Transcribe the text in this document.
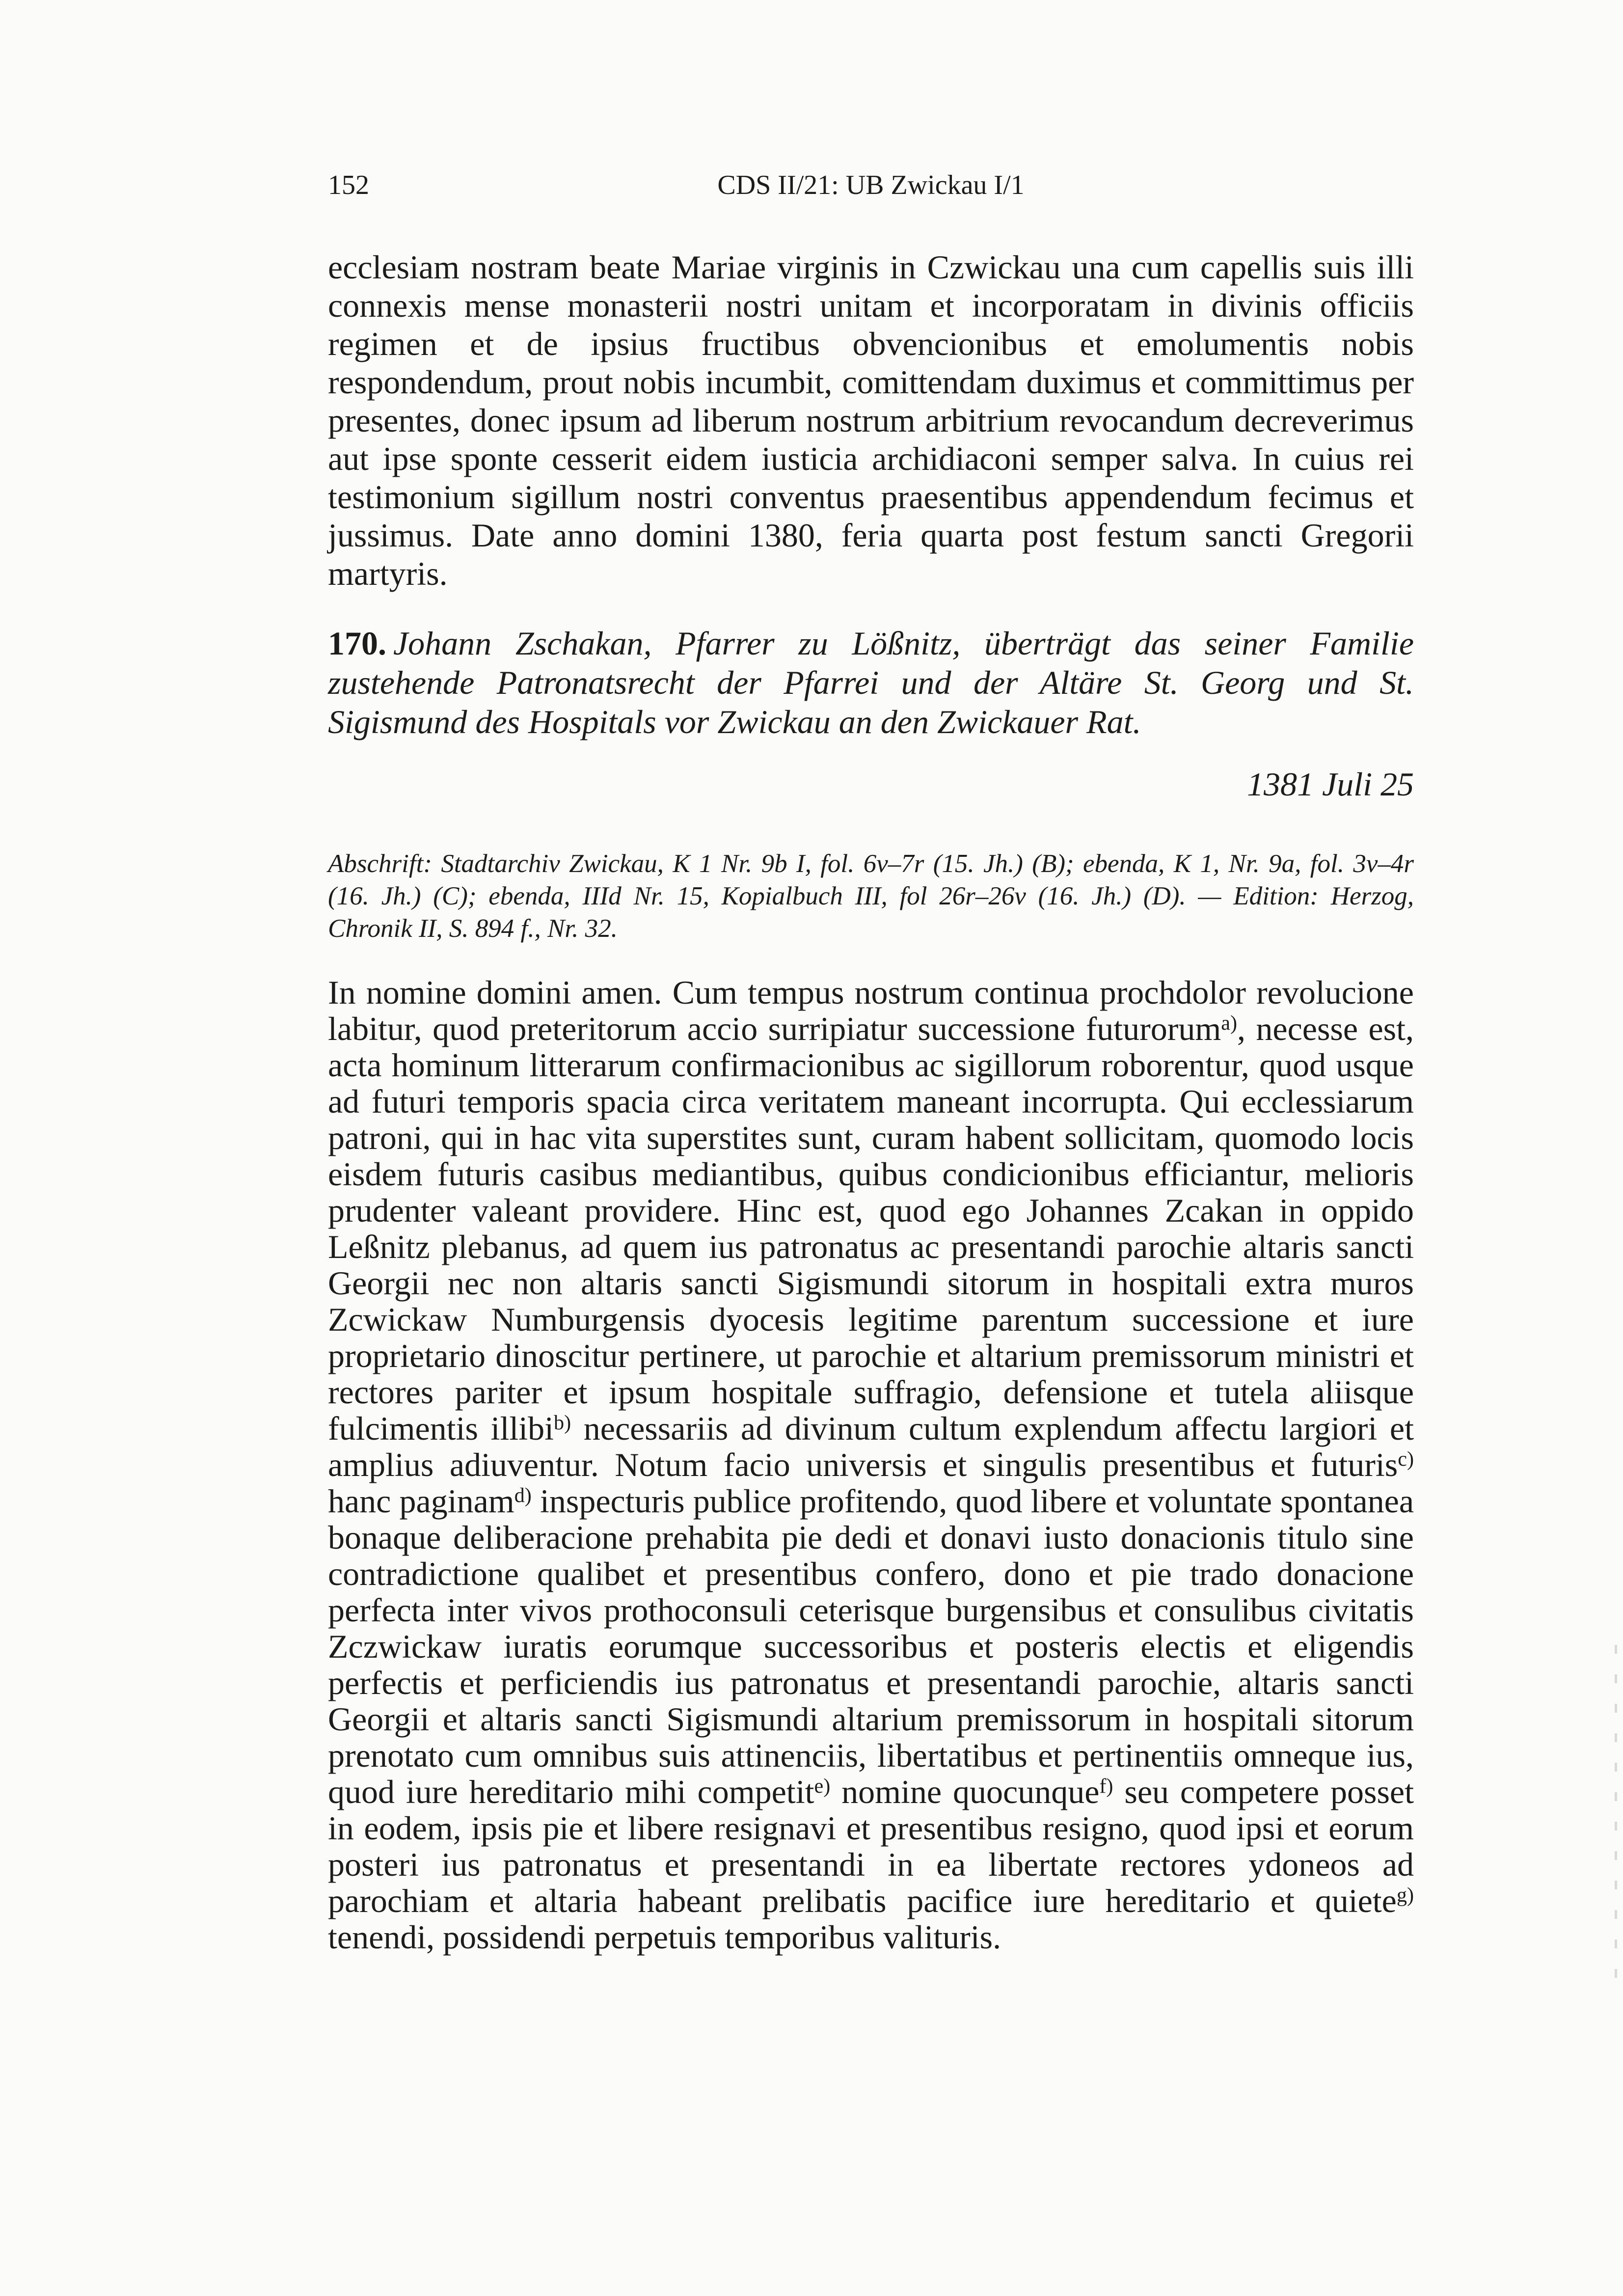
152	CDS II/21: UB Zwickau I/1

ecclesiam nostram beate Mariae virginis in Czwickau una cum capellis suis illi connexis mense monasterii nostri unitam et incorporatam in divinis officiis regimen et de ipsius fructibus obvencionibus et emolumentis nobis respondendum, prout nobis incumbit, comittendam duximus et committimus per presentes, donec ipsum ad liberum nostrum arbitrium revocandum decreverimus aut ipse sponte cesserit eidem iusticia archidiaconi semper salva. In cuius rei testimonium sigillum nostri conventus praesentibus appendendum fecimus et jussimus. Date anno domini 1380, feria quarta post festum sancti Gregorii martyris.

170. Johann Zschakan, Pfarrer zu Lößnitz, überträgt das seiner Familie zustehende Patronatsrecht der Pfarrei und der Altäre St. Georg und St. Sigismund des Hospitals vor Zwickau an den Zwickauer Rat.

1381 Juli 25

Abschrift: Stadtarchiv Zwickau, K 1 Nr. 9b I, fol. 6v–7r (15. Jh.) (B); ebenda, K 1, Nr. 9a, fol. 3v–4r (16. Jh.) (C); ebenda, IIId Nr. 15, Kopialbuch III, fol 26r–26v (16. Jh.) (D). — Edition: Herzog, Chronik II, S. 894 f., Nr. 32.

In nomine domini amen. Cum tempus nostrum continua prochdolor revolucione labitur, quod preteritorum accio surripiatur successione futurorum$^{a)}$, necesse est, acta hominum litterarum confirmacionibus ac sigillorum roborentur, quod usque ad futuri temporis spacia circa veritatem maneant incorrupta. Qui ecclessiarum patroni, qui in hac vita superstites sunt, curam habent sollicitam, quomodo locis eisdem futuris casibus mediantibus, quibus condicionibus efficiantur, melioris prudenter valeant providere. Hinc est, quod ego Johannes Zcakan in oppido Leßnitz plebanus, ad quem ius patronatus ac presentandi parochie altaris sancti Georgii nec non altaris sancti Sigismundi sitorum in hospitali extra muros Zcwickaw Numburgensis dyocesis legitime parentum successione et iure proprietario dinoscitur pertinere, ut parochie et altarium premissorum ministri et rectores pariter et ipsum hospitale suffragio, defensione et tutela aliisque fulcimentis illibi$^{b)}$ necessariis ad divinum cultum explendum affectu largiori et amplius adiuventur. Notum facio universis et singulis presentibus et futuris$^{c)}$ hanc paginam$^{d)}$ inspecturis publice profitendo, quod libere et voluntate spontanea bonaque deliberacione prehabita pie dedi et donavi iusto donacionis titulo sine contradictione qualibet et presentibus confero, dono et pie trado donacione perfecta inter vivos prothoconsuli ceterisque burgensibus et consulibus civitatis Zczwickaw iuratis eorumque successoribus et posteris electis et eligendis perfectis et perficiendis ius patronatus et presentandi parochie, altaris sancti Georgii et altaris sancti Sigismundi altarium premissorum in hospitali sitorum prenotato cum omnibus suis attinenciis, libertatibus et pertinentiis omneque ius, quod iure hereditario mihi competit$^{e)}$ nomine quocunque$^{f)}$ seu competere posset in eodem, ipsis pie et libere resignavi et presentibus resigno, quod ipsi et eorum posteri ius patronatus et presentandi in ea libertate rectores ydoneos ad parochiam et altaria habeant prelibatis pacifice iure hereditario et quiete$^{g)}$ tenendi, possidendi perpetuis temporibus valituris.
